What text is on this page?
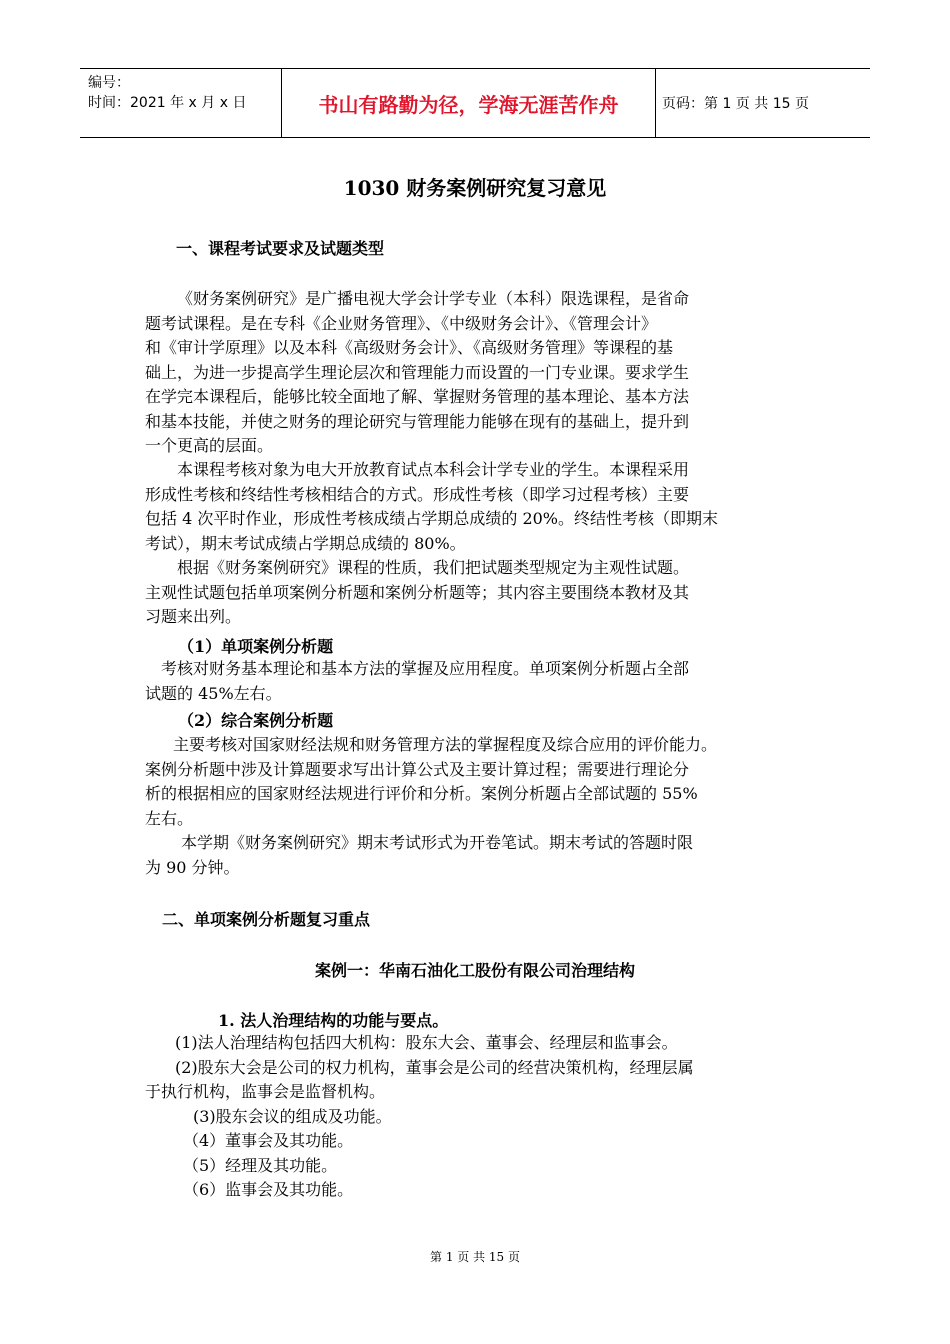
编号：
时间：2021 年 x 月 x 日	书山有路勤为径，学海无涯苦作舟	页码：第 1 页 共 15 页
1030 财务案例研究复习意见
一、课程考试要求及试题类型
《财务案例研究》是广播电视大学会计学专业（本科）限选课程，是省命
题考试课程。是在专科《企业财务管理》、《中级财务会计》、《管理会计》
和《审计学原理》以及本科《高级财务会计》、《高级财务管理》等课程的基
础上，为进一步提高学生理论层次和管理能力而设置的一门专业课。要求学生
在学完本课程后，能够比较全面地了解、掌握财务管理的基本理论、基本方法
和基本技能，并使之财务的理论研究与管理能力能够在现有的基础上，提升到
一个更高的层面。
本课程考核对象为电大开放教育试点本科会计学专业的学生。本课程采用
形成性考核和终结性考核相结合的方式。形成性考核（即学习过程考核）主要
包括 4 次平时作业，形成性考核成绩占学期总成绩的 20%。终结性考核（即期末
考试），期末考试成绩占学期总成绩的 80%。
根据《财务案例研究》课程的性质，我们把试题类型规定为主观性试题。
主观性试题包括单项案例分析题和案例分析题等；其内容主要围绕本教材及其
习题来出列。
（1）单项案例分析题
考核对财务基本理论和基本方法的掌握及应用程度。单项案例分析题占全部
试题的 45%左右。
（2）综合案例分析题
主要考核对国家财经法规和财务管理方法的掌握程度及综合应用的评价能力。
案例分析题中涉及计算题要求写出计算公式及主要计算过程；需要进行理论分
析的根据相应的国家财经法规进行评价和分析。案例分析题占全部试题的 55%
左右。
本学期《财务案例研究》期末考试形式为开卷笔试。期末考试的答题时限
为 90 分钟。
二、单项案例分析题复习重点
案例一：华南石油化工股份有限公司治理结构
1. 法人治理结构的功能与要点。
(1)法人治理结构包括四大机构：股东大会、董事会、经理层和监事会。
(2)股东大会是公司的权力机构，董事会是公司的经营决策机构，经理层属
于执行机构，监事会是监督机构。
(3)股东会议的组成及功能。
（4）董事会及其功能。
（5）经理及其功能。
（6）监事会及其功能。
第 1 页 共 15 页
